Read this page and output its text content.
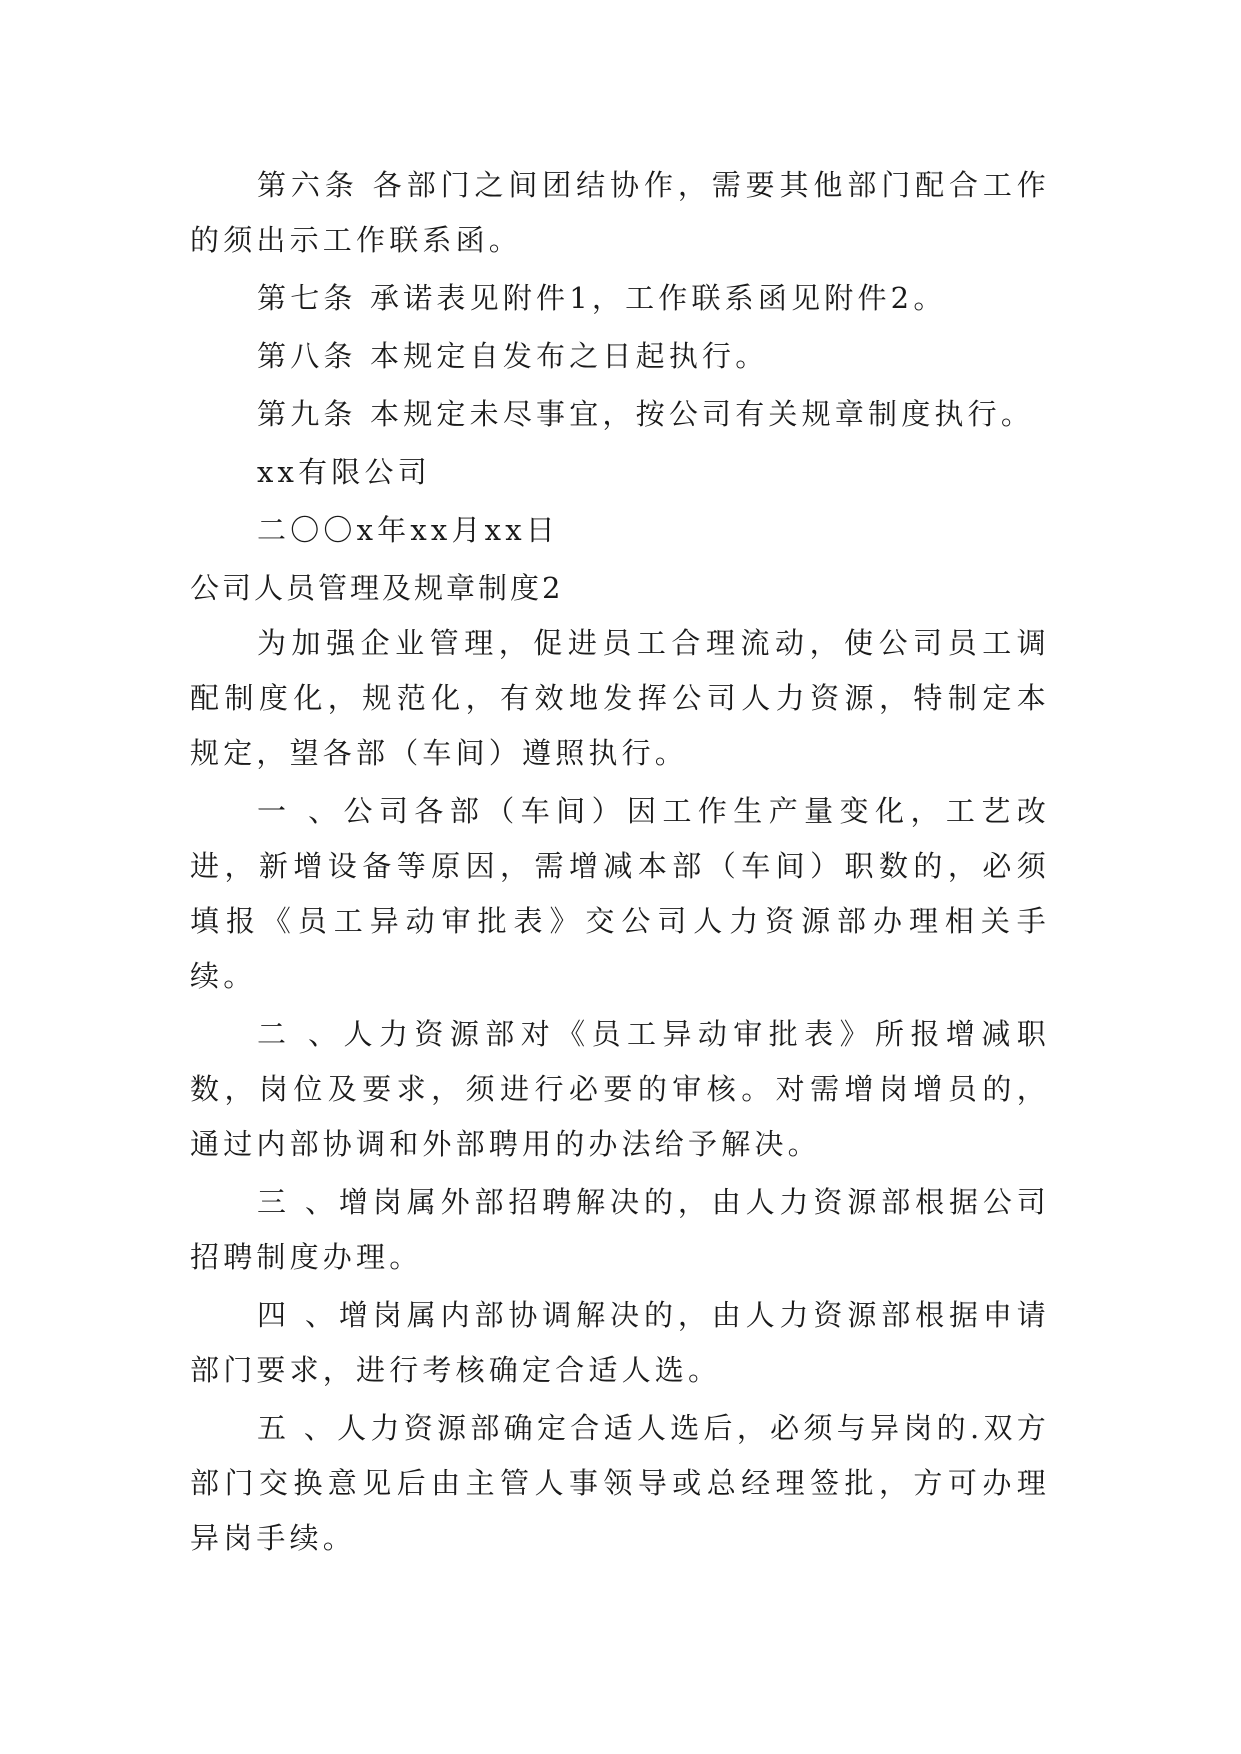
第六条 各部门之间团结协作，需要其他部门配合工作的须出示工作联系函。

第七条 承诺表见附件1，工作联系函见附件2。

第八条 本规定自发布之日起执行。

第九条 本规定未尽事宜，按公司有关规章制度执行。

xx有限公司

二〇〇x年xx月xx日

公司人员管理及规章制度2

为加强企业管理，促进员工合理流动，使公司员工调配制度化，规范化，有效地发挥公司人力资源，特制定本规定，望各部（车间）遵照执行。

一 、公司各部（车间）因工作生产量变化，工艺改进，新增设备等原因，需增减本部（车间）职数的，必须填报《员工异动审批表》交公司人力资源部办理相关手续。

二 、人力资源部对《员工异动审批表》所报增减职数，岗位及要求，须进行必要的审核。对需增岗增员的，通过内部协调和外部聘用的办法给予解决。

三 、增岗属外部招聘解决的，由人力资源部根据公司招聘制度办理。

四 、增岗属内部协调解决的，由人力资源部根据申请部门要求，进行考核确定合适人选。

五 、人力资源部确定合适人选后，必须与异岗的.双方部门交换意见后由主管人事领导或总经理签批，方可办理异岗手续。
